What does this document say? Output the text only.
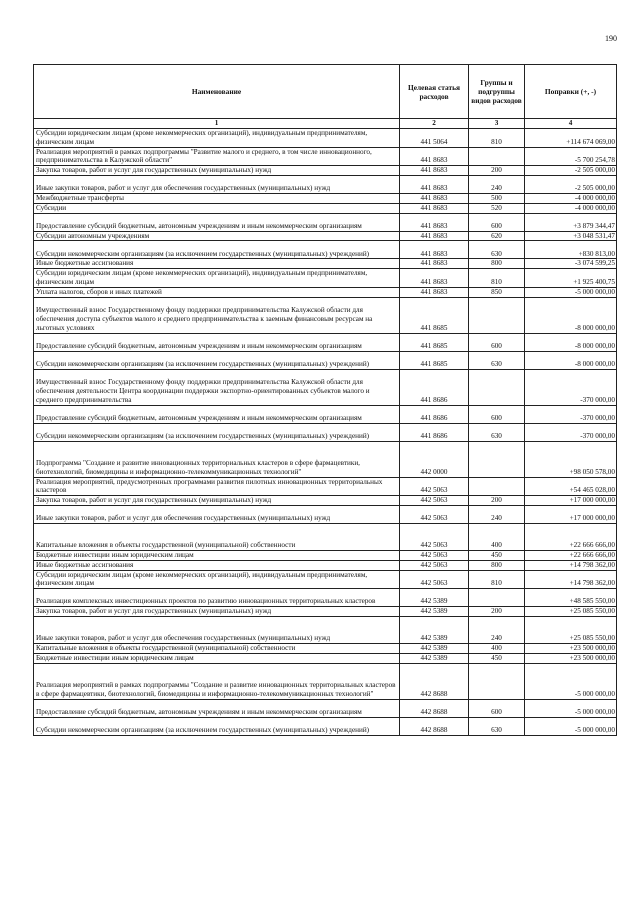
190
Наименование	Целевая статья расходов	Группы и подгруппы видов расходов	Поправки (+, -)
1	2	3	4
Субсидии юридическим лицам (кроме некоммерческих организаций), индивидуальным предпринимателям, физическим лицам	441 5064	810	+114 674 069,00
Реализация мероприятий в рамках подпрограммы "Развитие малого и среднего, в том числе инновационного, предпринимательства в Калужской области"	441 8683		-5 700 254,78
Закупка товаров, работ и услуг для государственных (муниципальных) нужд	441 8683	200	-2 505 000,00
Иные закупки товаров, работ и услуг для обеспечения государственных (муниципальных) нужд	441 8683	240	-2 505 000,00
Межбюджетные трансферты	441 8683	500	-4 000 000,00
Субсидии	441 8683	520	-4 000 000,00
Предоставление субсидий бюджетным, автономным учреждениям и иным некоммерческим организациям	441 8683	600	+3 879 344,47
Субсидии автономным учреждениям	441 8683	620	+3 048 531,47
Субсидии некоммерческим организациям (за исключением государственных (муниципальных) учреждений)	441 8683	630	+830 813,00
Иные бюджетные ассигнования	441 8683	800	-3 074 599,25
Субсидии юридическим лицам (кроме некоммерческих организаций), индивидуальным предпринимателям, физическим лицам	441 8683	810	+1 925 400,75
Уплата налогов, сборов и иных платежей	441 8683	850	-5 000 000,00
Имущественный взнос Государственному фонду поддержки предпринимательства Калужской области для обеспечения доступа субъектов малого и среднего предпринимательства к заемным финансовым ресурсам на льготных условиях	441 8685		-8 000 000,00
Предоставление субсидий бюджетным, автономным учреждениям и иным некоммерческим организациям	441 8685	600	-8 000 000,00
Субсидии некоммерческим организациям (за исключением государственных (муниципальных) учреждений)	441 8685	630	-8 000 000,00
Имущественный взнос Государственному фонду поддержки предпринимательства Калужской области для обеспечения деятельности Центра координации поддержки экспортно-ориентированных субъектов малого и среднего предпринимательства	441 8686		-370 000,00
Предоставление субсидий бюджетным, автономным учреждениям и иным некоммерческим организациям	441 8686	600	-370 000,00
Субсидии некоммерческим организациям (за исключением государственных (муниципальных) учреждений)	441 8686	630	-370 000,00
Подпрограмма "Создание и развитие инновационных территориальных кластеров в сфере фармацевтики, биотехнологий, биомедицины и информационно-телекоммуникационных технологий"	442 0000		+98 050 578,00
Реализация мероприятий, предусмотренных программами развития пилотных инновационных территориальных кластеров	442 5063		+54 465 028,00
Закупка товаров, работ и услуг для государственных (муниципальных) нужд	442 5063	200	+17 000 000,00
Иные закупки товаров, работ и услуг для обеспечения государственных (муниципальных) нужд	442 5063	240	+17 000 000,00
Капитальные вложения в объекты государственной (муниципальной) собственности	442 5063	400	+22 666 666,00
Бюджетные инвестиции иным юридическим лицам	442 5063	450	+22 666 666,00
Иные бюджетные ассигнования	442 5063	800	+14 798 362,00
Субсидии юридическим лицам (кроме некоммерческих организаций), индивидуальным предпринимателям, физическим лицам	442 5063	810	+14 798 362,00
Реализация комплексных инвестиционных проектов по развитию инновационных территориальных кластеров	442 5389		+48 585 550,00
Закупка товаров, работ и услуг для государственных (муниципальных) нужд	442 5389	200	+25 085 550,00
Иные закупки товаров, работ и услуг для обеспечения государственных (муниципальных) нужд	442 5389	240	+25 085 550,00
Капитальные вложения в объекты государственной (муниципальной) собственности	442 5389	400	+23 500 000,00
Бюджетные инвестиции иным юридическим лицам	442 5389	450	+23 500 000,00
Реализация мероприятий в рамках подпрограммы "Создание и развитие инновационных территориальных кластеров в сфере фармацевтики, биотехнологий, биомедицины и информационно-телекоммуникационных технологий"	442 8688		-5 000 000,00
Предоставление субсидий бюджетным, автономным учреждениям и иным некоммерческим организациям	442 8688	600	-5 000 000,00
Субсидии некоммерческим организациям (за исключением государственных (муниципальных) учреждений)	442 8688	630	-5 000 000,00
